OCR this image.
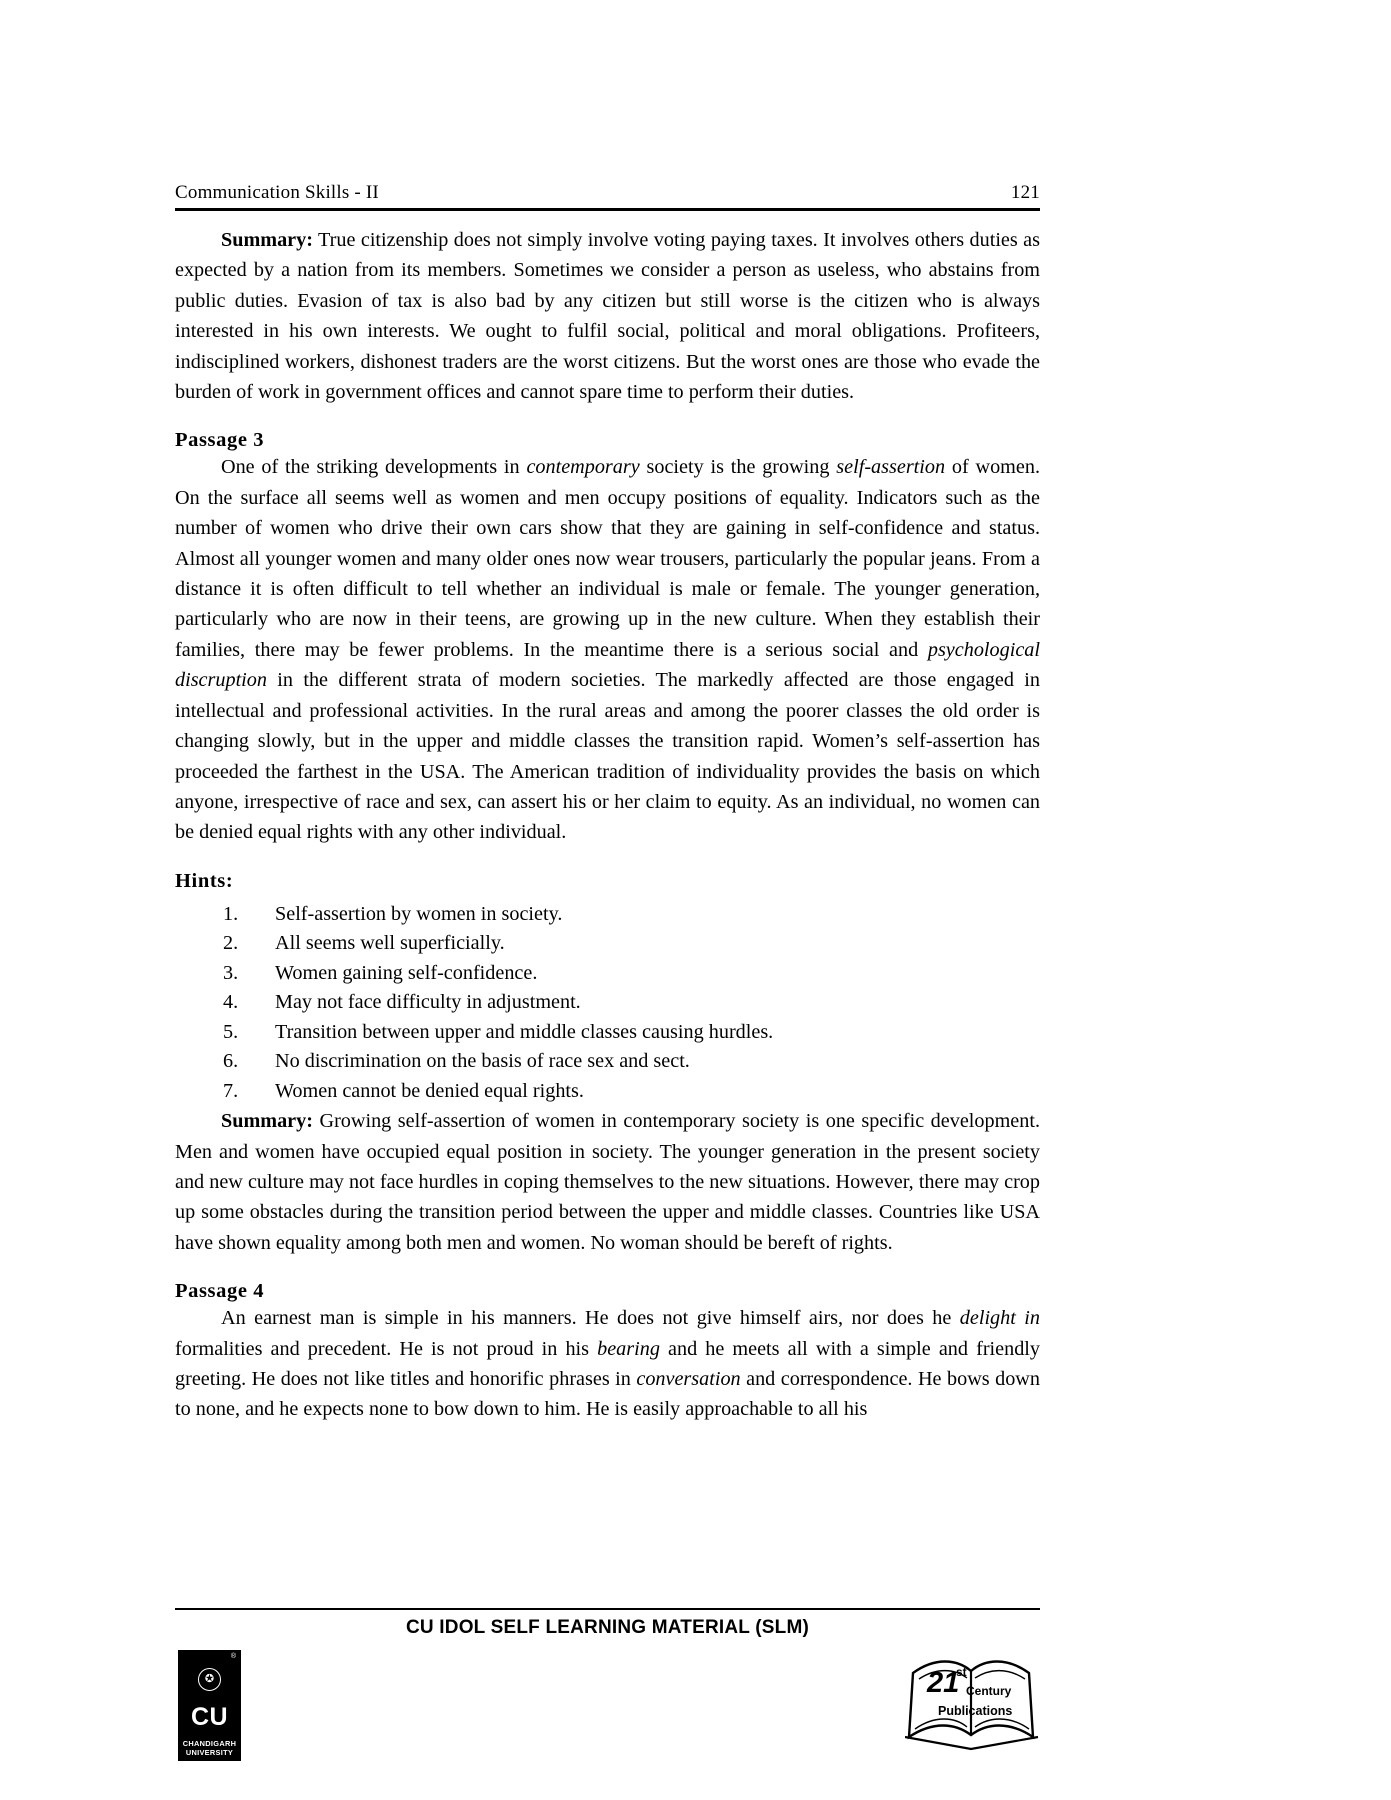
Communication Skills - II	121

Summary: True citizenship does not simply involve voting paying taxes. It involves others duties as expected by a nation from its members. Sometimes we consider a person as useless, who abstains from public duties. Evasion of tax is also bad by any citizen but still worse is the citizen who is always interested in his own interests. We ought to fulfil social, political and moral obligations. Profiteers, indisciplined workers, dishonest traders are the worst citizens. But the worst ones are those who evade the burden of work in government offices and cannot spare time to perform their duties.

Passage 3

One of the striking developments in contemporary society is the growing self-assertion of women. On the surface all seems well as women and men occupy positions of equality. Indicators such as the number of women who drive their own cars show that they are gaining in self-confidence and status. Almost all younger women and many older ones now wear trousers, particularly the popular jeans. From a distance it is often difficult to tell whether an individual is male or female. The younger generation, particularly who are now in their teens, are growing up in the new culture. When they establish their families, there may be fewer problems. In the meantime there is a serious social and psychological discruption in the different strata of modern societies. The markedly affected are those engaged in intellectual and professional activities. In the rural areas and among the poorer classes the old order is changing slowly, but in the upper and middle classes the transition rapid. Women’s self-assertion has proceeded the farthest in the USA. The American tradition of individuality provides the basis on which anyone, irrespective of race and sex, can assert his or her claim to equity. As an individual, no women can be denied equal rights with any other individual.

Hints:
1.	Self-assertion by women in society.
2.	All seems well superficially.
3.	Women gaining self-confidence.
4.	May not face difficulty in adjustment.
5.	Transition between upper and middle classes causing hurdles.
6.	No discrimination on the basis of race sex and sect.
7.	Women cannot be denied equal rights.

Summary: Growing self-assertion of women in contemporary society is one specific development. Men and women have occupied equal position in society. The younger generation in the present society and new culture may not face hurdles in coping themselves to the new situations. However, there may crop up some obstacles during the transition period between the upper and middle classes. Countries like USA have shown equality among both men and women. No woman should be bereft of rights.

Passage 4

An earnest man is simple in his manners. He does not give himself airs, nor does he delight in formalities and precedent. He is not proud in his bearing and he meets all with a simple and friendly greeting. He does not like titles and honorific phrases in conversation and correspondence. He bows down to none, and he expects none to bow down to him. He is easily approachable to all his

CU IDOL SELF LEARNING MATERIAL (SLM)
®
✪
CU
CHANDIGARH
UNIVERSITY
21
st
Century
Publications
